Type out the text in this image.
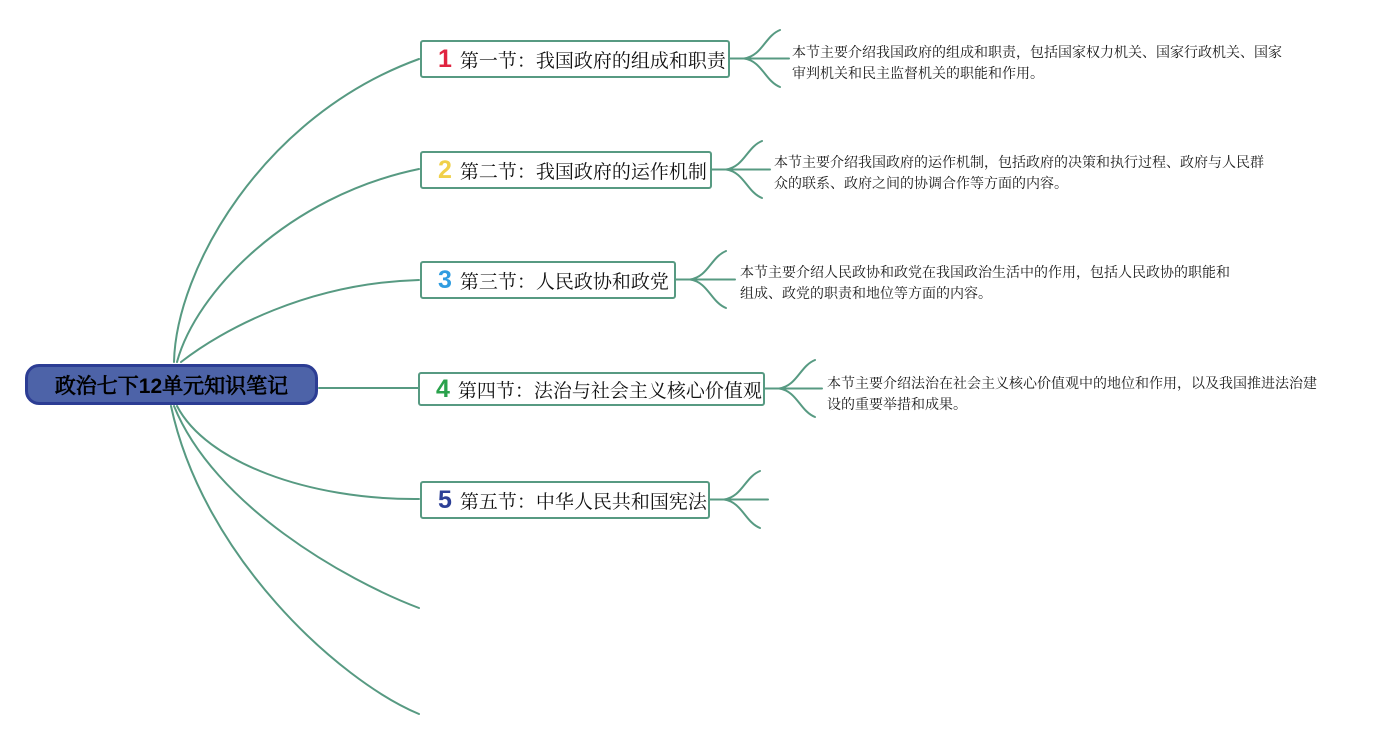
政治七下12单元知识笔记
1 第一节：我国政府的组成和职责
2 第二节：我国政府的运作机制
3 第三节：人民政协和政党
4 第四节：法治与社会主义核心价值观
5 第五节：中华人民共和国宪法
本节主要介绍我国政府的组成和职责，包括国家权力机关、国家行政机关、国家
审判机关和民主监督机关的职能和作用。
本节主要介绍我国政府的运作机制，包括政府的决策和执行过程、政府与人民群
众的联系、政府之间的协调合作等方面的内容。
本节主要介绍人民政协和政党在我国政治生活中的作用，包括人民政协的职能和
组成、政党的职责和地位等方面的内容。
本节主要介绍法治在社会主义核心价值观中的地位和作用，以及我国推进法治建
设的重要举措和成果。
